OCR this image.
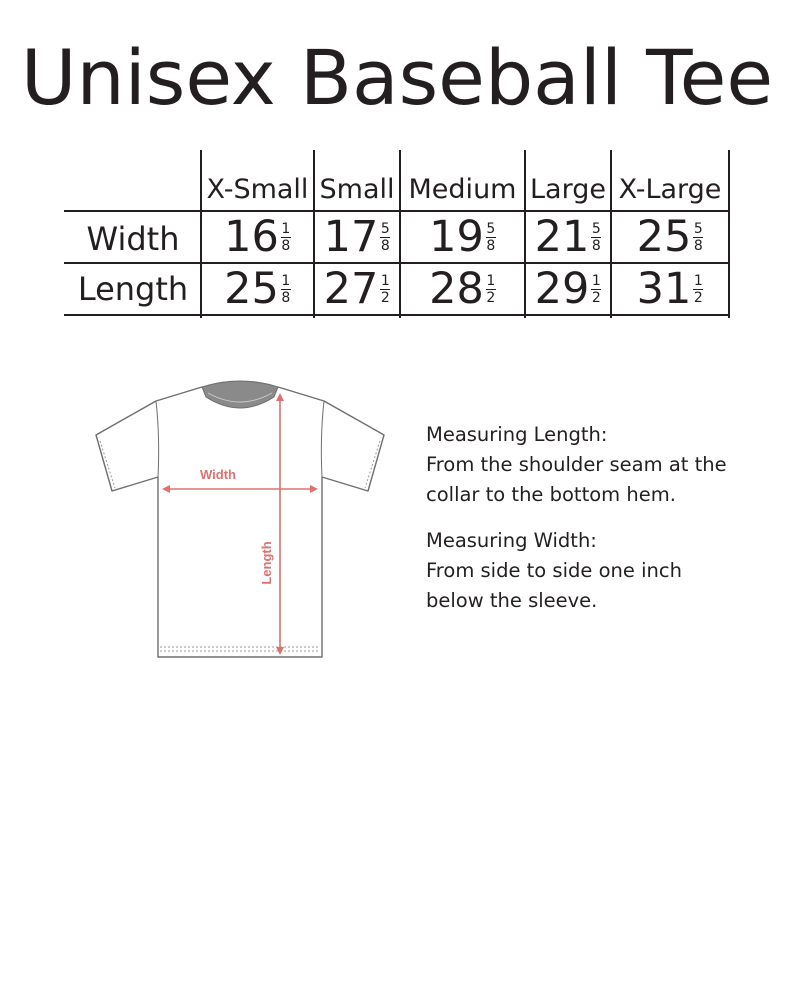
Unisex Baseball Tee
X-Small Small Medium Large X-Large
Width	$16 \frac{1}{8} 17 \frac{5}{8} 19 \frac{5}{8} 21 \frac{5}{8} 25 \frac{5}{8}$
Length $25 \frac{1}{8} 27 \frac{1}{2} 28 \frac{1}{2} 29 \frac{1}{2} 31 \frac{1}{2}$
Width
Length

Measuring Length:

From the shoulder seam at the

collar to the bottom hem.

Measuring Width:

From side to side one inch

below the sleeve.
